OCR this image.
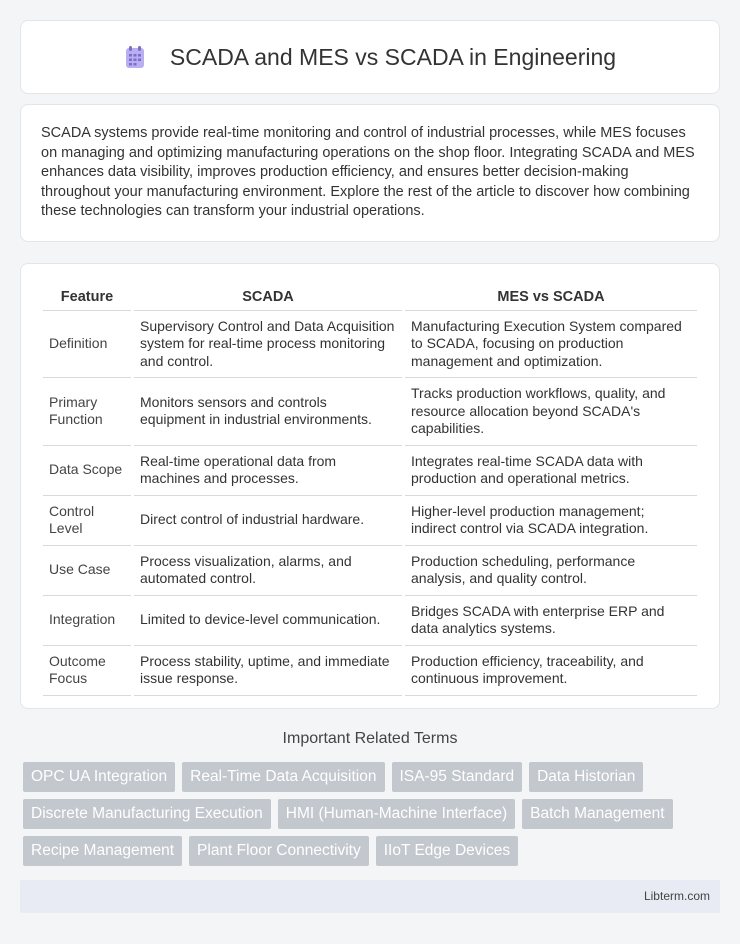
SCADA and MES vs SCADA in Engineering

SCADA systems provide real-time monitoring and control of industrial processes, while MES focuses on managing and optimizing manufacturing operations on the shop floor. Integrating SCADA and MES enhances data visibility, improves production efficiency, and ensures better decision-making throughout your manufacturing environment. Explore the rest of the article to discover how combining these technologies can transform your industrial operations.

Feature		SCADA		MES vs SCADA
Definition		Supervisory Control and Data Acquisition system for real-time process monitoring and control.		Manufacturing Execution System compared to SCADA, focusing on production management and optimization.
Primary Function		Monitors sensors and controls equipment in industrial environments.		Tracks production workflows, quality, and resource allocation beyond SCADA's capabilities.
Data Scope		Real-time operational data from machines and processes.		Integrates real-time SCADA data with production and operational metrics.
Control Level		Direct control of industrial hardware.		Higher-level production management; indirect control via SCADA integration.
Use Case		Process visualization, alarms, and automated control.		Production scheduling, performance analysis, and quality control.
Integration		Limited to device-level communication.		Bridges SCADA with enterprise ERP and data analytics systems.
Outcome Focus		Process stability, uptime, and immediate issue response.		Production efficiency, traceability, and continuous improvement.
Important Related Terms
OPC UA Integration	Real-Time Data Acquisition	ISA-95 Standard	Data Historian
Discrete Manufacturing Execution	HMI (Human-Machine Interface)	Batch Management
Recipe Management	Plant Floor Connectivity	IIoT Edge Devices
Libterm.com
